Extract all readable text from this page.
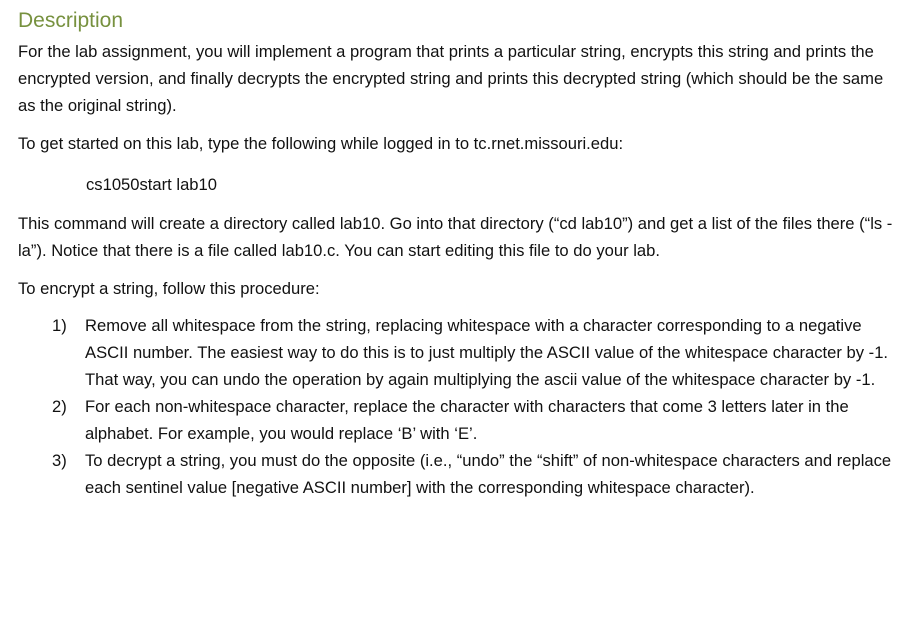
Description

For the lab assignment, you will implement a program that prints a particular string, encrypts this string and prints the encrypted version, and finally decrypts the encrypted string and prints this decrypted string (which should be the same as the original string).

To get started on this lab, type the following while logged in to tc.rnet.missouri.edu:

cs1050start lab10

This command will create a directory called lab10. Go into that directory (“cd lab10”) and get a list of the files there (“ls -la”). Notice that there is a file called lab10.c. You can start editing this file to do your lab.

To encrypt a string, follow this procedure:

1)	Remove all whitespace from the string, replacing whitespace with a character corresponding to a negative ASCII number. The easiest way to do this is to just multiply the ASCII value of the whitespace character by -1. That way, you can undo the operation by again multiplying the ascii value of the whitespace character by -1.
2)	For each non-whitespace character, replace the character with characters that come 3 letters later in the alphabet. For example, you would replace ‘B’ with ‘E’.
3)	To decrypt a string, you must do the opposite (i.e., “undo” the “shift” of non-whitespace characters and replace each sentinel value [negative ASCII number] with the corresponding whitespace character).
